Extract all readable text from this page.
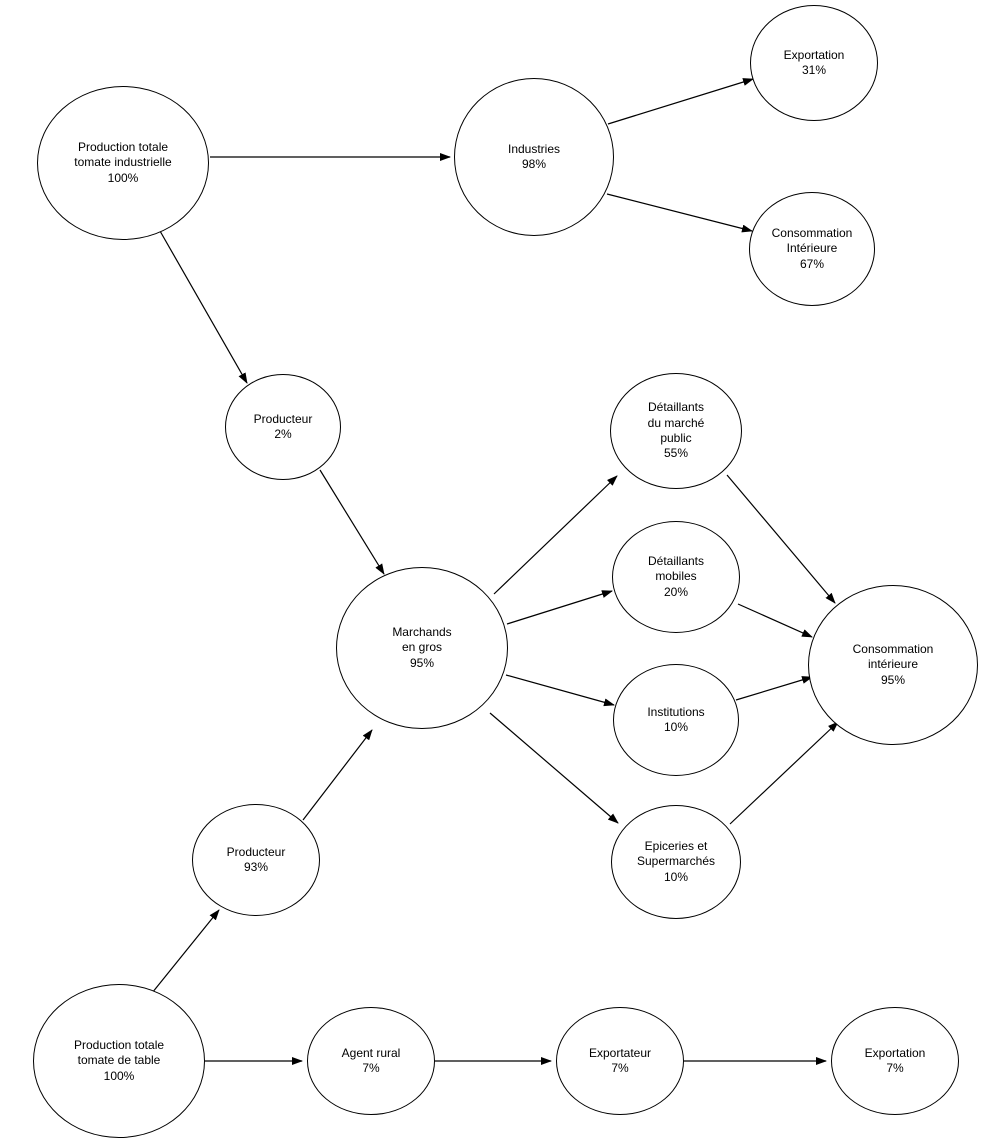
Production totale
tomate industrielle
100%
Industries
98%
Exportation
31%
Consommation
Intérieure
67%
Producteur
2%
Marchands
en gros
95%
Détaillants
du marché
public
55%
Détaillants
mobiles
20%
Institutions
10%
Epiceries et
Supermarchés
10%
Consommation
intérieure
95%
Producteur
93%
Production totale
tomate de table
100%
Agent rural
7%
Exportateur
7%
Exportation
7%
